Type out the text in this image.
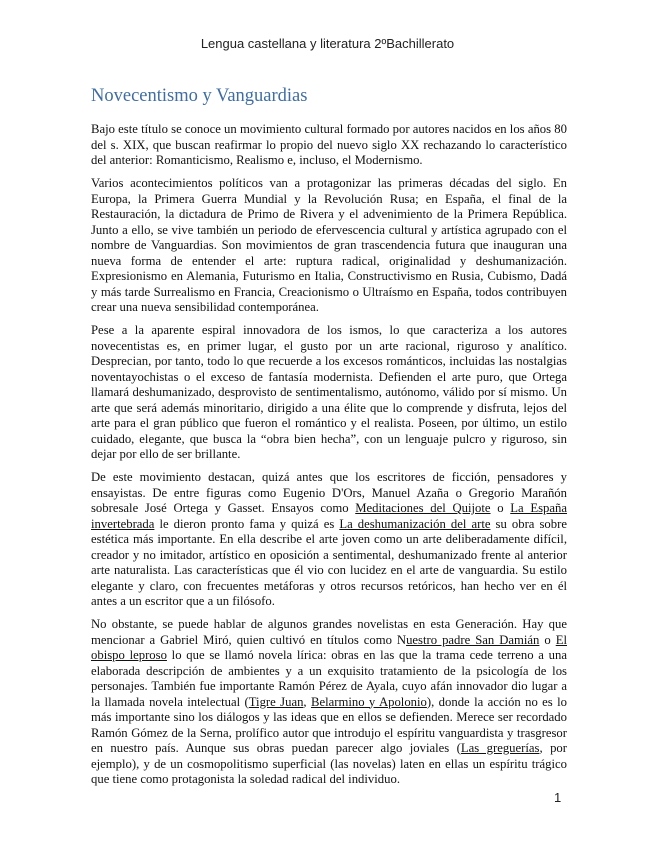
Lengua castellana y literatura 2ºBachillerato
Novecentismo y Vanguardias

Bajo este título se conoce un movimiento cultural formado por autores nacidos en los años 80 del s. XIX, que buscan reafirmar lo propio del nuevo siglo XX rechazando lo característico del anterior: Romanticismo, Realismo e, incluso, el Modernismo.

Varios acontecimientos políticos van a protagonizar las primeras décadas del siglo. En Europa, la Primera Guerra Mundial y la Revolución Rusa; en España, el final de la Restauración, la dictadura de Primo de Rivera y el advenimiento de la Primera República. Junto a ello, se vive también un periodo de efervescencia cultural y artística agrupado con el nombre de Vanguardias. Son movimientos de gran trascendencia futura que inauguran una nueva forma de entender el arte: ruptura radical, originalidad y deshumanización. Expresionismo en Alemania, Futurismo en Italia, Constructivismo en Rusia, Cubismo, Dadá y más tarde Surrealismo en Francia, Creacionismo o Ultraísmo en España, todos contribuyen crear una nueva sensibilidad contemporánea.

Pese a la aparente espiral innovadora de los ismos, lo que caracteriza a los autores novecentistas es, en primer lugar, el gusto por un arte racional, riguroso y analítico. Desprecian, por tanto, todo lo que recuerde a los excesos románticos, incluidas las nostalgias noventayochistas o el exceso de fantasía modernista. Defienden el arte puro, que Ortega llamará deshumanizado, desprovisto de sentimentalismo, autónomo, válido por sí mismo. Un arte que será además minoritario, dirigido a una élite que lo comprende y disfruta, lejos del arte para el gran público que fueron el romántico y el realista. Poseen, por último, un estilo cuidado, elegante, que busca la “obra bien hecha”, con un lenguaje pulcro y riguroso, sin dejar por ello de ser brillante.

De este movimiento destacan, quizá antes que los escritores de ficción, pensadores y ensayistas. De entre figuras como Eugenio D'Ors, Manuel Azaña o Gregorio Marañón sobresale José Ortega y Gasset. Ensayos como Meditaciones del Quijote o La España invertebrada le dieron pronto fama y quizá es La deshumanización del arte su obra sobre estética más importante. En ella describe el arte joven como un arte deliberadamente difícil, creador y no imitador, artístico en oposición a sentimental, deshumanizado frente al anterior arte naturalista. Las características que él vio con lucidez en el arte de vanguardia. Su estilo elegante y claro, con frecuentes metáforas y otros recursos retóricos, han hecho ver en él antes a un escritor que a un filósofo.

No obstante, se puede hablar de algunos grandes novelistas en esta Generación. Hay que mencionar a Gabriel Miró, quien cultivó en títulos como Nuestro padre San Damián o El obispo leproso lo que se llamó novela lírica: obras en las que la trama cede terreno a una elaborada descripción de ambientes y a un exquisito tratamiento de la psicología de los personajes. También fue importante Ramón Pérez de Ayala, cuyo afán innovador dio lugar a la llamada novela intelectual (Tigre Juan, Belarmino y Apolonio), donde la acción no es lo más importante sino los diálogos y las ideas que en ellos se defienden. Merece ser recordado Ramón Gómez de la Serna, prolífico autor que introdujo el espíritu vanguardista y trasgresor en nuestro país. Aunque sus obras puedan parecer algo joviales (Las greguerías, por ejemplo), y de un cosmopolitismo superficial (las novelas) laten en ellas un espíritu trágico que tiene como protagonista la soledad radical del individuo.

1
